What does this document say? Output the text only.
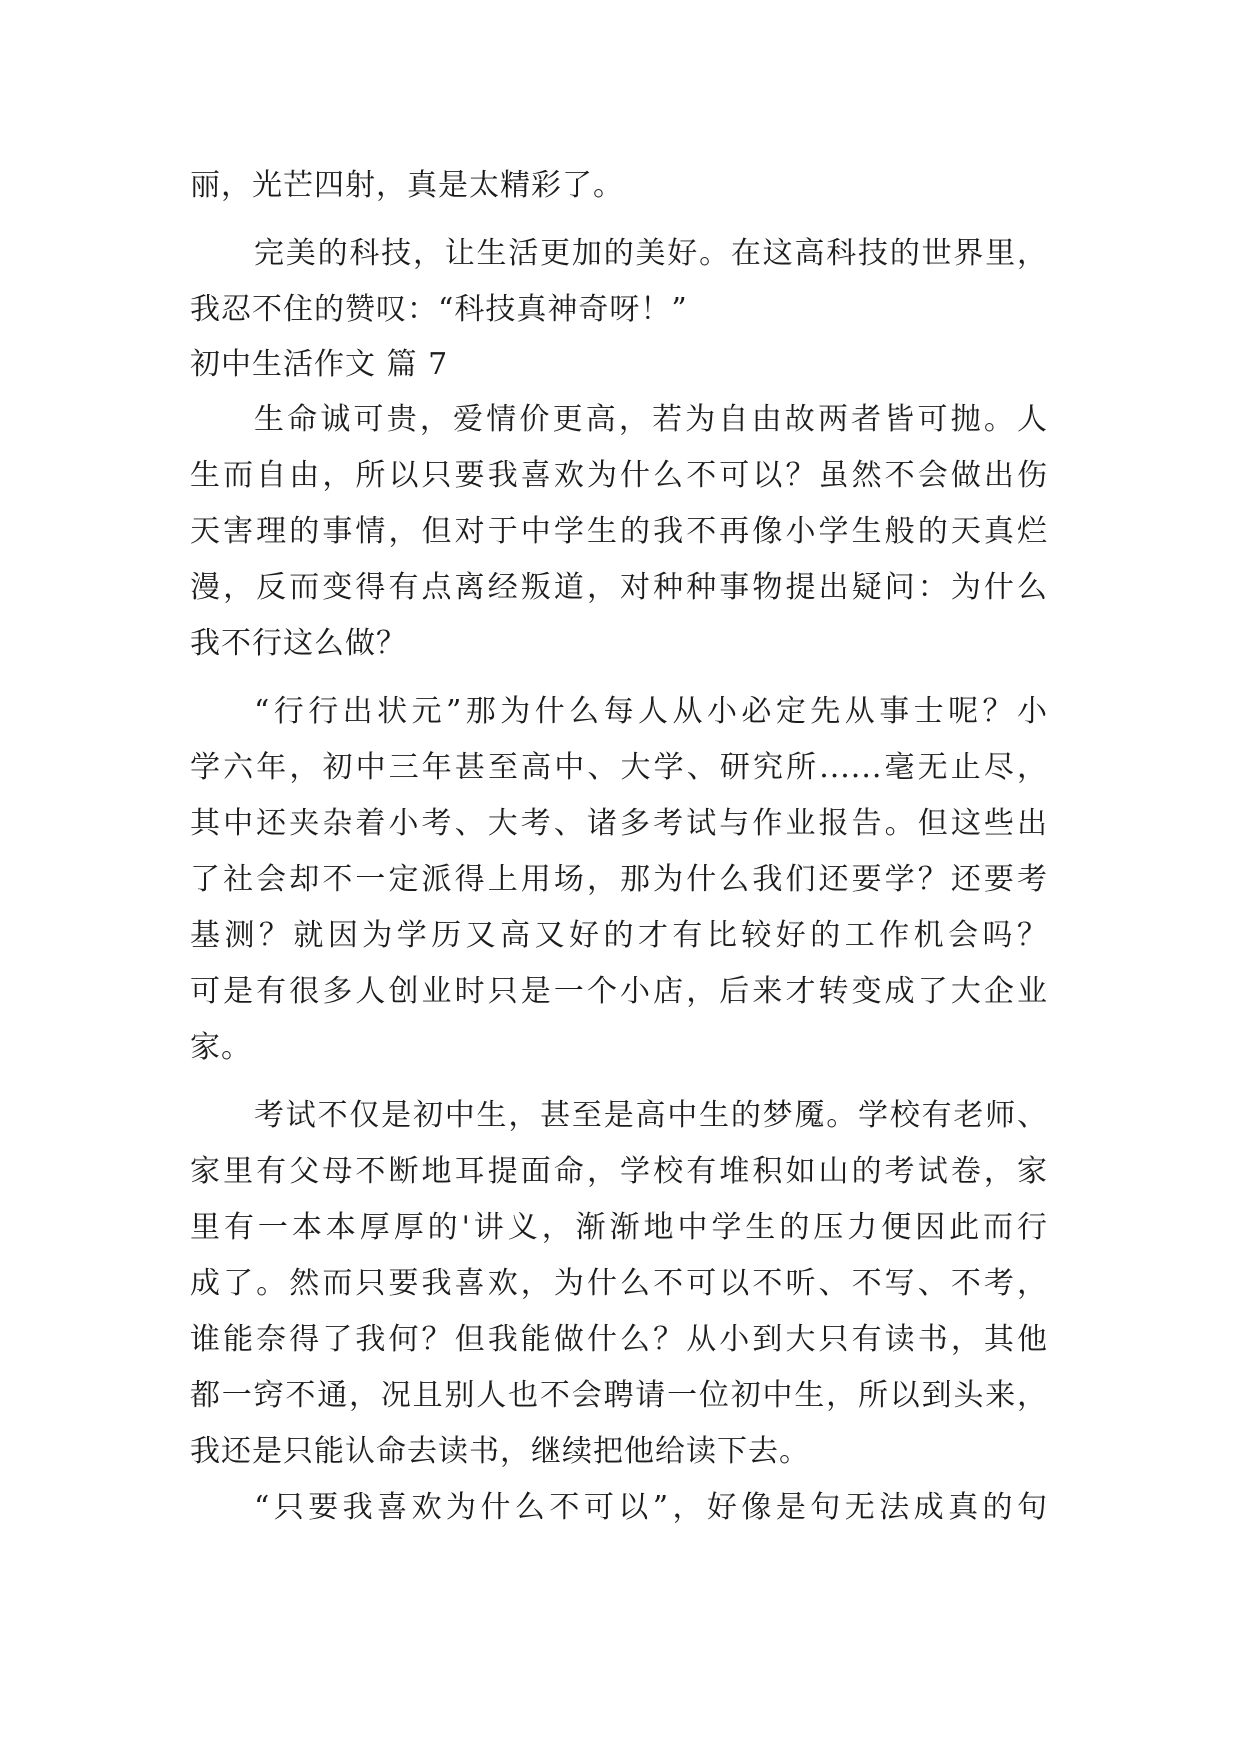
丽，光芒四射，真是太精彩了。
完美的科技，让生活更加的美好。在这高科技的世界里，
我忍不住的赞叹：“科技真神奇呀！”
初中生活作文 篇 7
生命诚可贵，爱情价更高，若为自由故两者皆可抛。人
生而自由，所以只要我喜欢为什么不可以？虽然不会做出伤
天害理的事情，但对于中学生的我不再像小学生般的天真烂
漫，反而变得有点离经叛道，对种种事物提出疑问：为什么
我不行这么做？
“行行出状元”那为什么每人从小必定先从事士呢？小
学六年，初中三年甚至高中、大学、研究所......毫无止尽，
其中还夹杂着小考、大考、诸多考试与作业报告。但这些出
了社会却不一定派得上用场，那为什么我们还要学？还要考
基测？就因为学历又高又好的才有比较好的工作机会吗？
可是有很多人创业时只是一个小店，后来才转变成了大企业
家。
考试不仅是初中生，甚至是高中生的梦魇。学校有老师、
家里有父母不断地耳提面命，学校有堆积如山的考试卷，家
里有一本本厚厚的'讲义，渐渐地中学生的压力便因此而行
成了。然而只要我喜欢，为什么不可以不听、不写、不考，
谁能奈得了我何？但我能做什么？从小到大只有读书，其他
都一窍不通，况且别人也不会聘请一位初中生，所以到头来，
我还是只能认命去读书，继续把他给读下去。
“只要我喜欢为什么不可以”，好像是句无法成真的句
